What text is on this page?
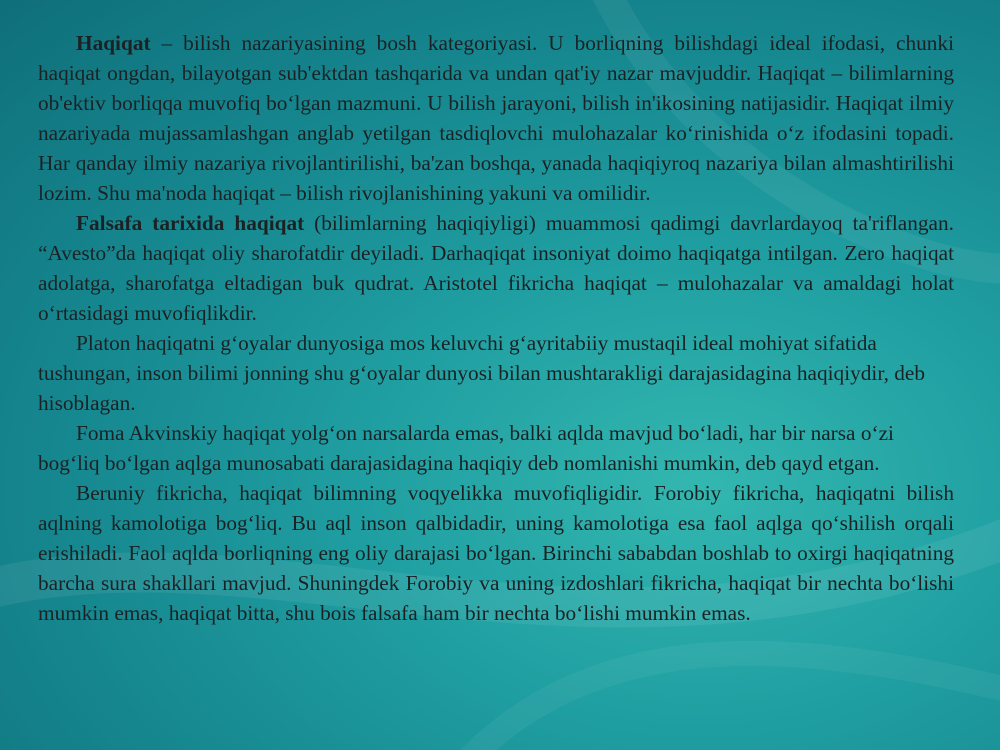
Haqiqat – bilish nazariyasining bosh kategoriyasi. U borliqning bilishdagi ideal ifodasi, chunki haqiqat ongdan, bilayotgan sub'ektdan tashqarida va undan qat'iy nazar mavjuddir. Haqiqat – bilimlarning ob'ektiv borliqqa muvofiq bo‘lgan mazmuni. U bilish jarayoni, bilish in'ikosining natijasidir. Haqiqat ilmiy nazariyada mujassamlashgan anglab yetilgan tasdiqlovchi mulohazalar ko‘rinishida o‘z ifodasini topadi. Har qanday ilmiy nazariya rivojlantirilishi, ba'zan boshqa, yanada haqiqiyroq nazariya bilan almashtirilishi lozim. Shu ma'noda haqiqat – bilish rivojlanishining yakuni va omilidir.

Falsafa tarixida haqiqat (bilimlarning haqiqiyligi) muammosi qadimgi davrlardayoq ta'riflangan. “Avesto”da haqiqat oliy sharofatdir deyiladi. Darhaqiqat insoniyat doimo haqiqatga intilgan. Zero haqiqat adolatga, sharofatga eltadigan buk qudrat. Aristotel fikricha haqiqat – mulohazalar va amaldagi holat o‘rtasidagi muvofiqlikdir.

Platon haqiqatni g‘oyalar dunyosiga mos keluvchi g‘ayritabiiy mustaqil ideal mohiyat sifatida tushungan, inson bilimi jonning shu g‘oyalar dunyosi bilan mushtarakligi darajasidagina haqiqiydir, deb hisoblagan.

Foma Akvinskiy haqiqat yolg‘on narsalarda emas, balki aqlda mavjud bo‘ladi, har bir narsa o‘zi bog‘liq bo‘lgan aqlga munosabati darajasidagina haqiqiy deb nomlanishi mumkin, deb qayd etgan.

Beruniy fikricha, haqiqat bilimning voqyelikka muvofiqligidir. Forobiy fikricha, haqiqatni bilish aqlning kamolotiga bog‘liq. Bu aql inson qalbidadir, uning kamolotiga esa faol aqlga qo‘shilish orqali erishiladi. Faol aqlda borliqning eng oliy darajasi bo‘lgan. Birinchi sababdan boshlab to oxirgi haqiqatning barcha sura shakllari mavjud. Shuningdek Forobiy va uning izdoshlari fikricha, haqiqat bir nechta bo‘lishi mumkin emas, haqiqat bitta, shu bois falsafa ham bir nechta bo‘lishi mumkin emas.
